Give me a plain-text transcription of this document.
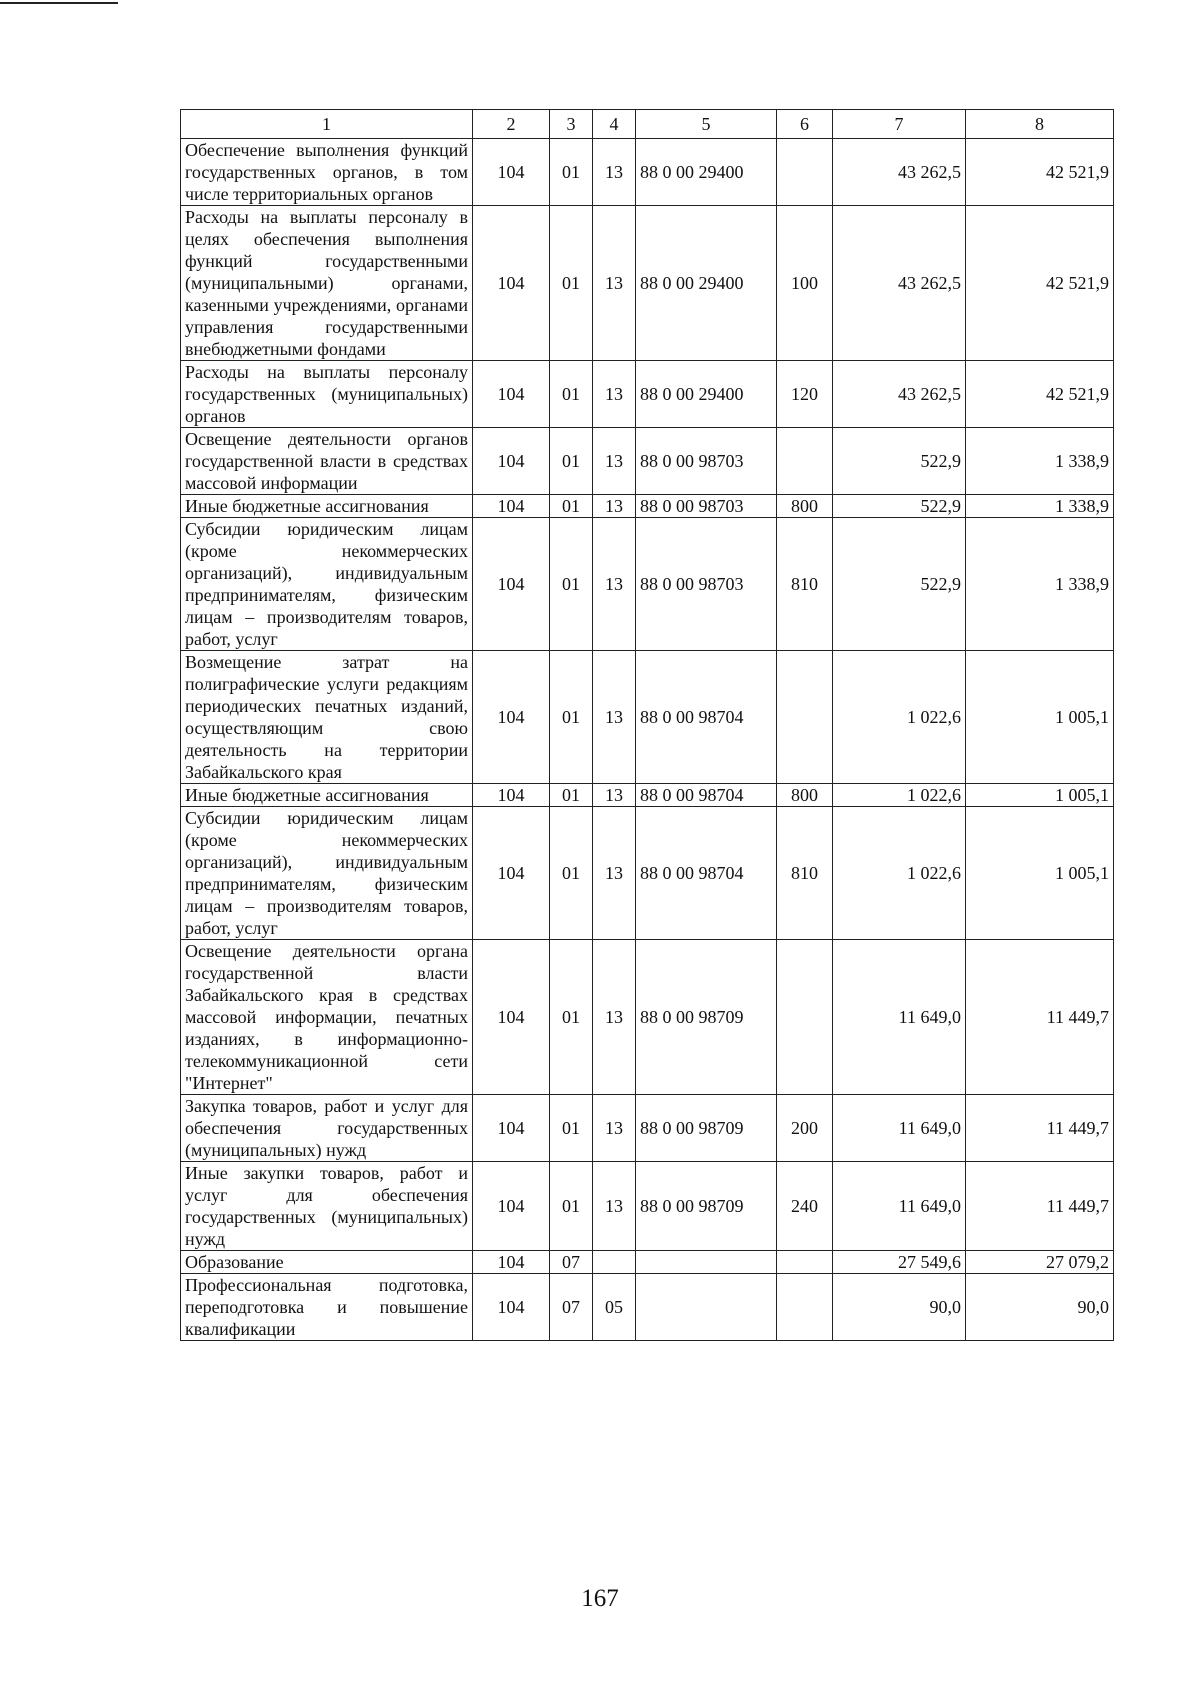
1	2	3	4	5	6	7	8
Обеспечение выполнения функций государственных органов, в том числе территориальных органов	104	01	13	88 0 00 29400		43 262,5	42 521,9
Расходы на выплаты персоналу в целях обеспечения выполнения функций государственными (муниципальными) органами, казенными учреждениями, органами управления государственными внебюджетными фондами	104	01	13	88 0 00 29400	100	43 262,5	42 521,9
Расходы на выплаты персоналу государственных (муниципальных) органов	104	01	13	88 0 00 29400	120	43 262,5	42 521,9
Освещение деятельности органов государственной власти в средствах массовой информации	104	01	13	88 0 00 98703		522,9	1 338,9
Иные бюджетные ассигнования	104	01	13	88 0 00 98703	800	522,9	1 338,9
Субсидии юридическим лицам (кроме некоммерческих организаций), индивидуальным предпринимателям, физическим лицам – производителям товаров, работ, услуг	104	01	13	88 0 00 98703	810	522,9	1 338,9
Возмещение затрат на полиграфические услуги редакциям периодических печатных изданий, осуществляющим свою деятельность на территории Забайкальского края	104	01	13	88 0 00 98704		1 022,6	1 005,1
Иные бюджетные ассигнования	104	01	13	88 0 00 98704	800	1 022,6	1 005,1
Субсидии юридическим лицам (кроме некоммерческих организаций), индивидуальным предпринимателям, физическим лицам – производителям товаров, работ, услуг	104	01	13	88 0 00 98704	810	1 022,6	1 005,1
Освещение деятельности органа государственной власти Забайкальского края в средствах массовой информации, печатных изданиях, в информационно-телекоммуникационной сети "Интернет"	104	01	13	88 0 00 98709		11 649,0	11 449,7
Закупка товаров, работ и услуг для обеспечения государственных (муниципальных) нужд	104	01	13	88 0 00 98709	200	11 649,0	11 449,7
Иные закупки товаров, работ и услуг для обеспечения государственных (муниципальных) нужд	104	01	13	88 0 00 98709	240	11 649,0	11 449,7
Образование	104	07				27 549,6	27 079,2
Профессиональная подготовка, переподготовка и повышение квалификации	104	07	05			90,0	90,0
167
